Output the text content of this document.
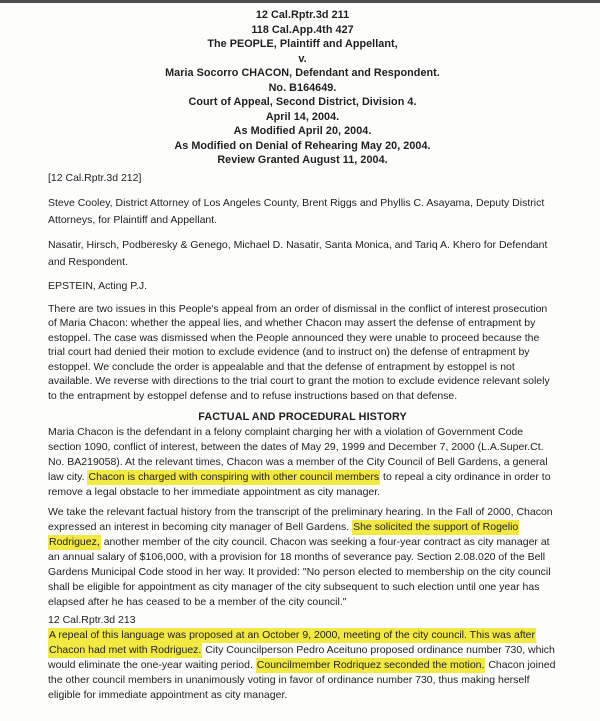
12 Cal.Rptr.3d 211
118 Cal.App.4th 427
The PEOPLE, Plaintiff and Appellant,
v.
Maria Socorro CHACON, Defendant and Respondent.
No. B164649.
Court of Appeal, Second District, Division 4.
April 14, 2004.
As Modified April 20, 2004.
As Modified on Denial of Rehearing May 20, 2004.
Review Granted August 11, 2004.
[12 Cal.Rptr.3d 212]

Steve Cooley, District Attorney of Los Angeles County, Brent Riggs and Phyllis C. Asayama, Deputy District Attorneys, for Plaintiff and Appellant.

Nasatir, Hirsch, Podberesky & Genego, Michael D. Nasatir, Santa Monica, and Tariq A. Khero for Defendant and Respondent.

EPSTEIN, Acting P.J.

There are two issues in this People's appeal from an order of dismissal in the conflict of interest prosecution of Maria Chacon: whether the appeal lies, and whether Chacon may assert the defense of entrapment by estoppel. The case was dismissed when the People announced they were unable to proceed because the trial court had denied their motion to exclude evidence (and to instruct on) the defense of entrapment by estoppel. We conclude the order is appealable and that the defense of entrapment by estoppel is not available. We reverse with directions to the trial court to grant the motion to exclude evidence relevant solely to the entrapment by estoppel defense and to refuse instructions based on that defense.

FACTUAL AND PROCEDURAL HISTORY

Maria Chacon is the defendant in a felony complaint charging her with a violation of Government Code section 1090, conflict of interest, between the dates of May 29, 1999 and December 7, 2000 (L.A.Super.Ct. No. BA219058). At the relevant times, Chacon was a member of the City Council of Bell Gardens, a general law city. Chacon is charged with conspiring with other council members to repeal a city ordinance in order to remove a legal obstacle to her immediate appointment as city manager.

We take the relevant factual history from the transcript of the preliminary hearing. In the Fall of 2000, Chacon expressed an interest in becoming city manager of Bell Gardens. She solicited the support of Rogelio Rodriguez, another member of the city council. Chacon was seeking a four-year contract as city manager at an annual salary of $106,000, with a provision for 18 months of severance pay. Section 2.08.020 of the Bell Gardens Municipal Code stood in her way. It provided: "No person elected to membership on the city council shall be eligible for appointment as city manager of the city subsequent to such election until one year has elapsed after he has ceased to be a member of the city council."

12 Cal.Rptr.3d 213

A repeal of this language was proposed at an October 9, 2000, meeting of the city council. This was after Chacon had met with Rodriguez. City Councilperson Pedro Aceituno proposed ordinance number 730, which would eliminate the one-year waiting period. Councilmember Rodriquez seconded the motion. Chacon joined the other council members in unanimously voting in favor of ordinance number 730, thus making herself eligible for immediate appointment as city manager.
